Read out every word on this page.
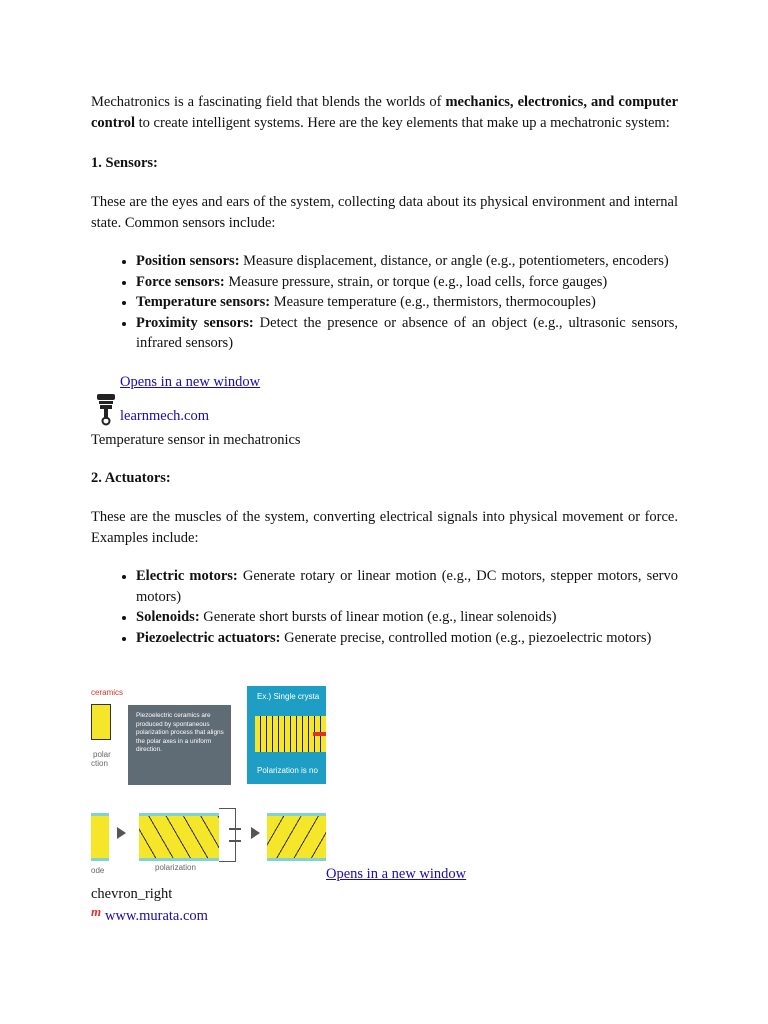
Mechatronics is a fascinating field that blends the worlds of mechanics, electronics, and computer control to create intelligent systems. Here are the key elements that make up a mechatronic system:

1. Sensors:

These are the eyes and ears of the system, collecting data about its physical environment and internal state. Common sensors include:

• Position sensors: Measure displacement, distance, or angle (e.g., potentiometers, encoders)
• Force sensors: Measure pressure, strain, or torque (e.g., load cells, force gauges)
• Temperature sensors: Measure temperature (e.g., thermistors, thermocouples)
• Proximity sensors: Detect the presence or absence of an object (e.g., ultrasonic sensors, infrared sensors)
Opens in a new window
learnmech.com

Temperature sensor in mechatronics

2. Actuators:

These are the muscles of the system, converting electrical signals into physical movement or force. Examples include:

• Electric motors: Generate rotary or linear motion (e.g., DC motors, stepper motors, servo motors)
• Solenoids: Generate short bursts of linear motion (e.g., linear solenoids)
• Piezoelectric actuators: Generate precise, controlled motion (e.g., piezoelectric motors)
ceramics
polar
ction
Piezoelectric ceramics are produced by spontaneous polarization process that aligns the polar axes in a uniform direction.
Ex.) Single crysta
Polarization is no
ode	polarization	Opens in a new window
chevron_right
m www.murata.com
